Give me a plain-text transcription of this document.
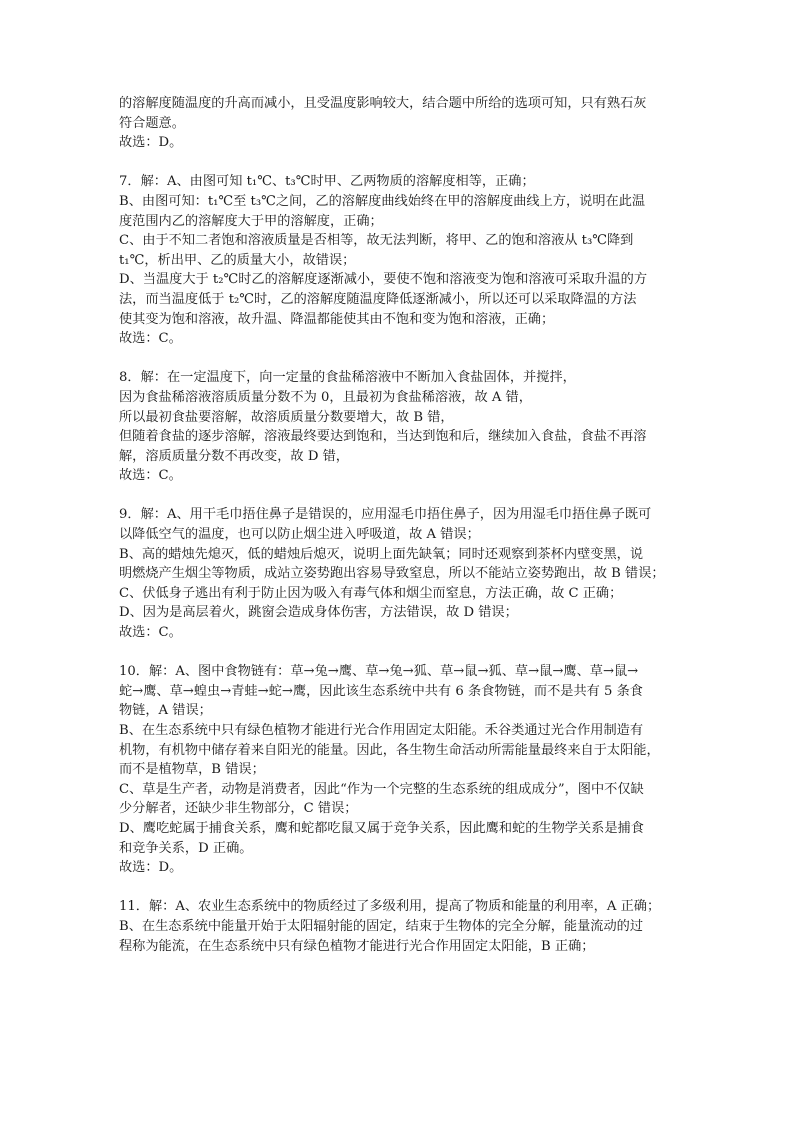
的溶解度随温度的升高而减小，且受温度影响较大，结合题中所给的选项可知，只有熟石灰
符合题意。
故选：D。
7．解：A、由图可知 t₁℃、t₃℃时甲、乙两物质的溶解度相等，正确；
B、由图可知：t₁℃至 t₃℃之间，乙的溶解度曲线始终在甲的溶解度曲线上方，说明在此温
度范围内乙的溶解度大于甲的溶解度，正确；
C、由于不知二者饱和溶液质量是否相等，故无法判断，将甲、乙的饱和溶液从 t₃℃降到
t₁℃，析出甲、乙的质量大小，故错误；
D、当温度大于 t₂℃时乙的溶解度逐渐减小，要使不饱和溶液变为饱和溶液可采取升温的方
法，而当温度低于 t₂℃时，乙的溶解度随温度降低逐渐减小，所以还可以采取降温的方法
使其变为饱和溶液，故升温、降温都能使其由不饱和变为饱和溶液，正确；
故选：C。
8．解：在一定温度下，向一定量的食盐稀溶液中不断加入食盐固体，并搅拌，
因为食盐稀溶液溶质质量分数不为 0，且最初为食盐稀溶液，故 A 错，
所以最初食盐要溶解，故溶质质量分数要增大，故 B 错，
但随着食盐的逐步溶解，溶液最终要达到饱和，当达到饱和后，继续加入食盐，食盐不再溶
解，溶质质量分数不再改变，故 D 错，
故选：C。
9．解：A、用干毛巾捂住鼻子是错误的，应用湿毛巾捂住鼻子，因为用湿毛巾捂住鼻子既可
以降低空气的温度，也可以防止烟尘进入呼吸道，故 A 错误；
B、高的蜡烛先熄灭，低的蜡烛后熄灭，说明上面先缺氧；同时还观察到茶杯内壁变黑，说
明燃烧产生烟尘等物质，成站立姿势跑出容易导致窒息，所以不能站立姿势跑出，故 B 错误；
C、伏低身子逃出有利于防止因为吸入有毒气体和烟尘而窒息，方法正确，故 C 正确；
D、因为是高层着火，跳窗会造成身体伤害，方法错误，故 D 错误；
故选：C。
10．解：A、图中食物链有：草→兔→鹰、草→兔→狐、草→鼠→狐、草→鼠→鹰、草→鼠→
蛇→鹰、草→蝗虫→青蛙→蛇→鹰，因此该生态系统中共有 6 条食物链，而不是共有 5 条食
物链，A 错误；
B、在生态系统中只有绿色植物才能进行光合作用固定太阳能。禾谷类通过光合作用制造有
机物，有机物中储存着来自阳光的能量。因此，各生物生命活动所需能量最终来自于太阳能，
而不是植物草，B 错误；
C、草是生产者，动物是消费者，因此“作为一个完整的生态系统的组成成分”，图中不仅缺
少分解者，还缺少非生物部分，C 错误；
D、鹰吃蛇属于捕食关系，鹰和蛇都吃鼠又属于竞争关系，因此鹰和蛇的生物学关系是捕食
和竞争关系，D 正确。
故选：D。
11．解：A、农业生态系统中的物质经过了多级利用，提高了物质和能量的利用率，A 正确；
B、在生态系统中能量开始于太阳辐射能的固定，结束于生物体的完全分解，能量流动的过
程称为能流，在生态系统中只有绿色植物才能进行光合作用固定太阳能，B 正确；
